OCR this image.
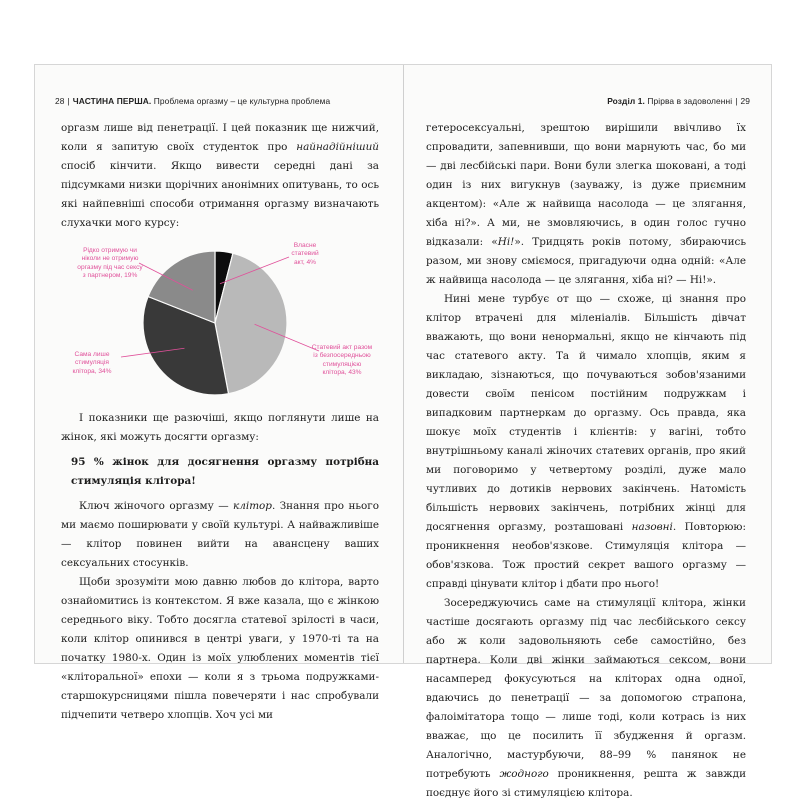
28 | ЧАСТИНА ПЕРША. Проблема оргазму – це культурна проблема

оргазм лише від пенетрації. І цей показник ще нижчий, коли я запитую своїх студенток про найнадійніший спосіб кінчити. Якщо вивести середні дані за підсумками низки щорічних анонімних опитувань, то ось які найпевніші способи отримання оргазму визначають слухачки мого курсу:

Власне
статевий
акт, 4%
Статевий акт разом
із безпосередньою
стимуляцією
клітора, 43%
Сама лише
стимуляція
клітора, 34%
Рідко отримую чи
ніколи не отримую
оргазму під час сексу
з партнером, 19%

І показники ще разючіші, якщо поглянути лише на жінок, які можуть досягти оргазму:

95 % жінок для досягнення оргазму потрібна стимуляція клітора!

Ключ жіночого оргазму — клітор. Знання про нього ми маємо поширювати у своїй культурі. А найважливіше — клітор повинен вийти на авансцену ваших сексуальних стосунків.

Щоби зрозуміти мою давню любов до клітора, варто ознайомитись із контекстом. Я вже казала, що є жінкою середнього віку. Тобто досягла статевої зрілості в часи, коли клітор опинився в центрі уваги, у 1970-ті та на початку 1980-х. Один із моїх улюблених моментів тієї «кліторальної» епохи — коли я з трьома подружками-старшокурсницями пішла повечеряти і нас спробували підчепити четверо хлопців. Хоч усі ми

Розділ 1. Прірва в задоволенні | 29

гетеросексуальні, зрештою вирішили ввічливо їх спровадити, запевнивши, що вони марнують час, бо ми — дві лесбійські пари. Вони були злегка шоковані, а тоді один із них вигукнув (зауважу, із дуже приємним акцентом): «Але ж найвища насолода — це злягання, хіба ні?». А ми, не змовляючись, в один голос гучно відказали: «Ні!». Тридцять років потому, збираючись разом, ми знову сміємося, пригадуючи одна одній: «Але ж найвища насолода — це злягання, хіба ні? — Ні!».

Нині мене турбує от що — схоже, ці знання про клітор втрачені для міленіалів. Більшість дівчат вважають, що вони ненормальні, якщо не кінчають під час статевого акту. Та й чимало хлопців, яким я викладаю, зізнаються, що почуваються зобов'язаними довести своїм пенісом постійним подружкам і випадковим партнеркам до оргазму. Ось правда, яка шокує моїх студентів і клієнтів: у вагіні, тобто внутрішньому каналі жіночих статевих органів, про який ми поговоримо у четвертому розділі, дуже мало чутливих до дотиків нервових закінчень. Натомість більшість нервових закінчень, потрібних жінці для досягнення оргазму, розташовані назовні. Повторюю: проникнення необов'язкове. Стимуляція клітора — обов'язкова. Тож простий секрет вашого оргазму — справді цінувати клітор і дбати про нього!

Зосереджуючись саме на стимуляції клітора, жінки частіше досягають оргазму під час лесбійського сексу або ж коли задовольняють себе самостійно, без партнера. Коли дві жінки займаються сексом, вони насамперед фокусуються на кліторах одна одної, вдаючись до пенетрації — за допомогою страпона, фалоімітатора тощо — лише тоді, коли котрась із них вважає, що це посилить її збудження й оргазм. Аналогічно, мастурбуючи, 88–99 % панянок не потребують жодного проникнення, решта ж завжди поєднує його зі стимуляцією клітора.
